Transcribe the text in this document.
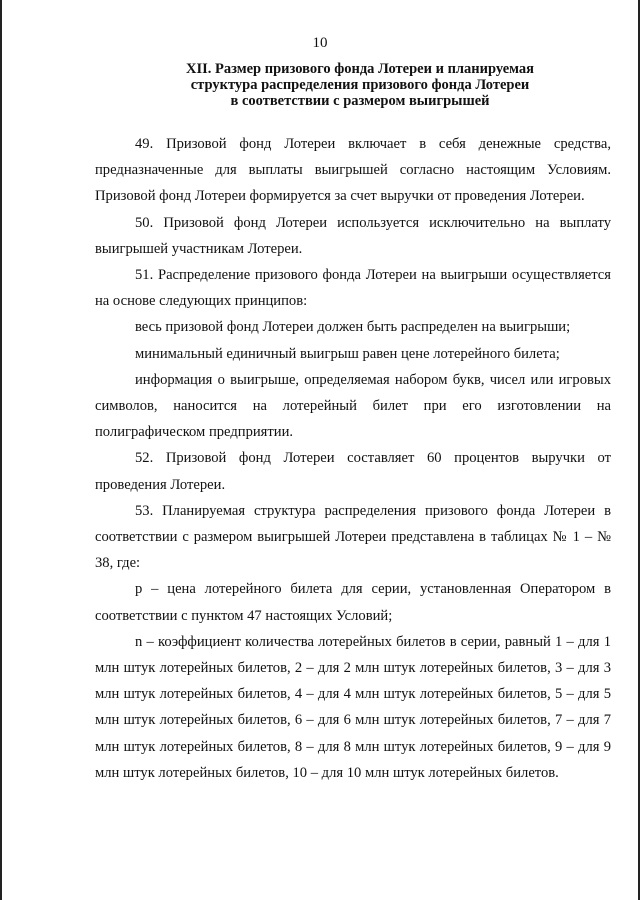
10
XII. Размер призового фонда Лотереи и планируемая
структура распределения призового фонда Лотереи
в соответствии с размером выигрышей

49. Призовой фонд Лотереи включает в себя денежные средства, предназначенные для выплаты выигрышей согласно настоящим Условиям. Призовой фонд Лотереи формируется за счет выручки от проведения Лотереи.

50. Призовой фонд Лотереи используется исключительно на выплату выигрышей участникам Лотереи.

51. Распределение призового фонда Лотереи на выигрыши осуществляется на основе следующих принципов:

весь призовой фонд Лотереи должен быть распределен на выигрыши;

минимальный единичный выигрыш равен цене лотерейного билета;

информация о выигрыше, определяемая набором букв, чисел или игровых символов, наносится на лотерейный билет при его изготовлении на полиграфическом предприятии.

52. Призовой фонд Лотереи составляет 60 процентов выручки от проведения Лотереи.

53. Планируемая структура распределения призового фонда Лотереи в соответствии с размером выигрышей Лотереи представлена в таблицах № 1 – № 38, где:

p – цена лотерейного билета для серии, установленная Оператором в соответствии с пунктом 47 настоящих Условий;

n – коэффициент количества лотерейных билетов в серии, равный 1 – для 1 млн штук лотерейных билетов, 2 – для 2 млн штук лотерейных билетов, 3 – для 3 млн штук лотерейных билетов, 4 – для 4 млн штук лотерейных билетов, 5 – для 5 млн штук лотерейных билетов, 6 – для 6 млн штук лотерейных билетов, 7 – для 7 млн штук лотерейных билетов, 8 – для 8 млн штук лотерейных билетов, 9 – для 9 млн штук лотерейных билетов, 10 – для 10 млн штук лотерейных билетов.
